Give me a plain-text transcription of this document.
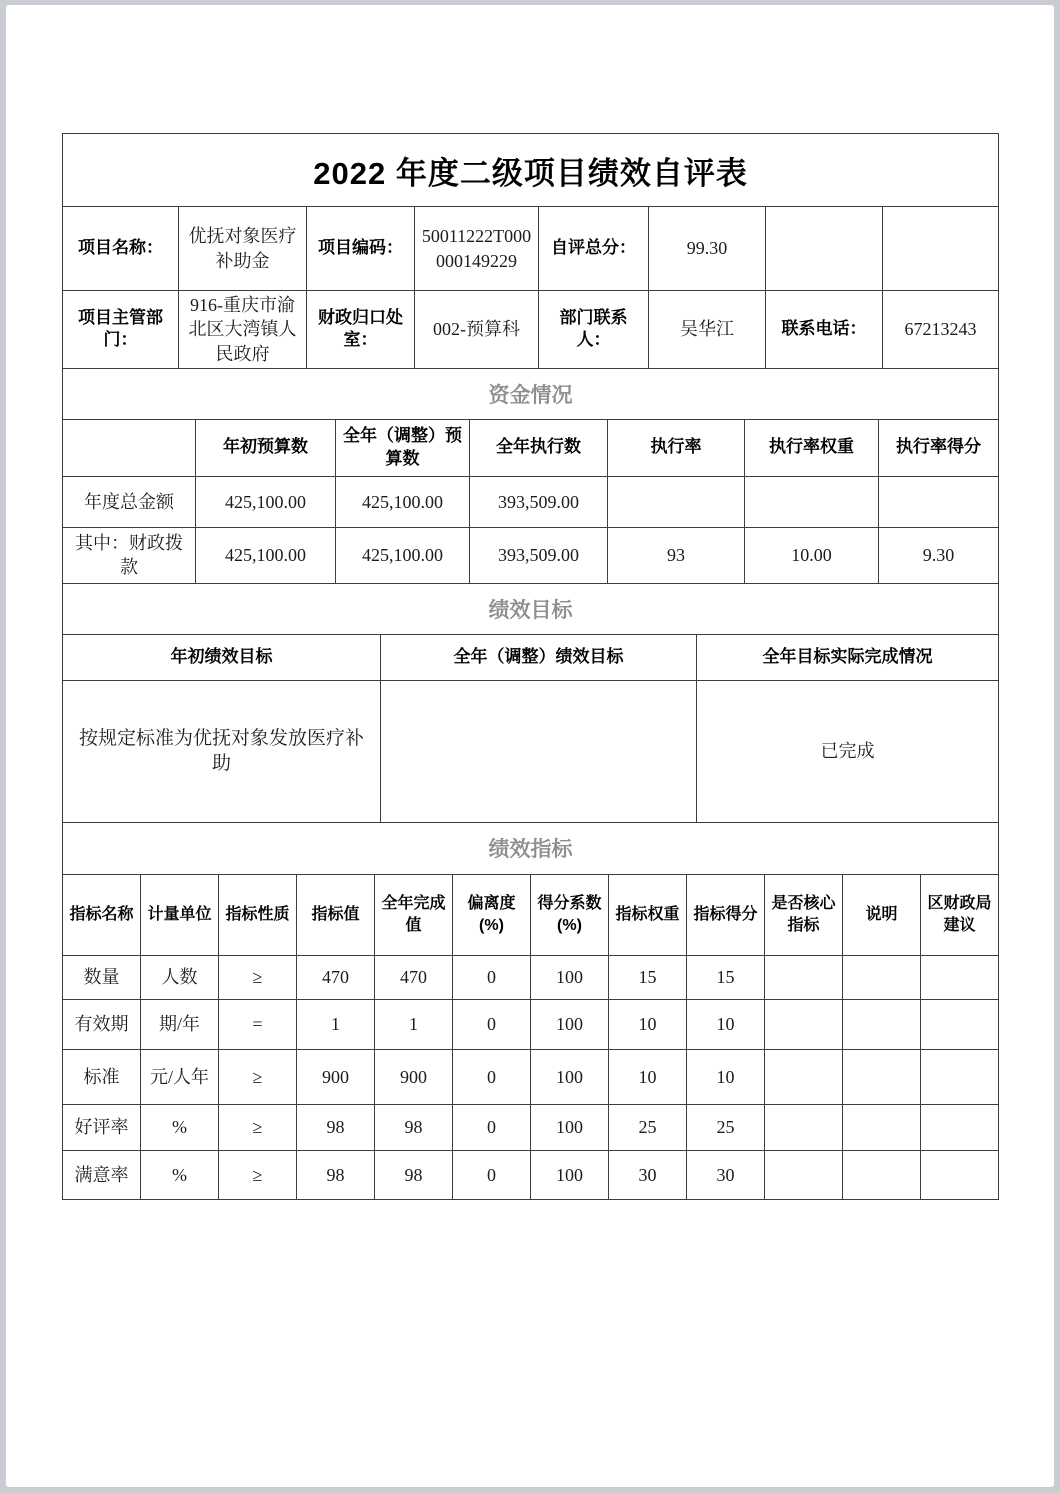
2022 年度二级项目绩效自评表							
项目名称：	优抚对象医疗补助金	项目编码：	50011222T000000149229	自评总分：	99.30		
项目主管部门：	916-重庆市渝北区大湾镇人民政府	财政归口处室：	002-预算科	部门联系人：	吴华江	联系电话：	67213243
资金情况						
	年初预算数	全年（调整）预算数	全年执行数	执行率	执行率权重	执行率得分
年度总金额	425,100.00	425,100.00	393,509.00			
其中：财政拨款	425,100.00	425,100.00	393,509.00	93	10.00	9.30
绩效目标		
年初绩效目标	全年（调整）绩效目标	全年目标实际完成情况
按规定标准为优抚对象发放医疗补助		已完成
绩效指标											
指标名称	计量单位	指标性质	指标值	全年完成值	偏离度(%)	得分系数(%)	指标权重	指标得分	是否核心指标	说明	区财政局建议
数量	人数	≥	470	470	0	100	15	15			
有效期	期/年	=	1	1	0	100	10	10			
标准	元/人年	≥	900	900	0	100	10	10			
好评率	%	≥	98	98	0	100	25	25			
满意率	%	≥	98	98	0	100	30	30			
